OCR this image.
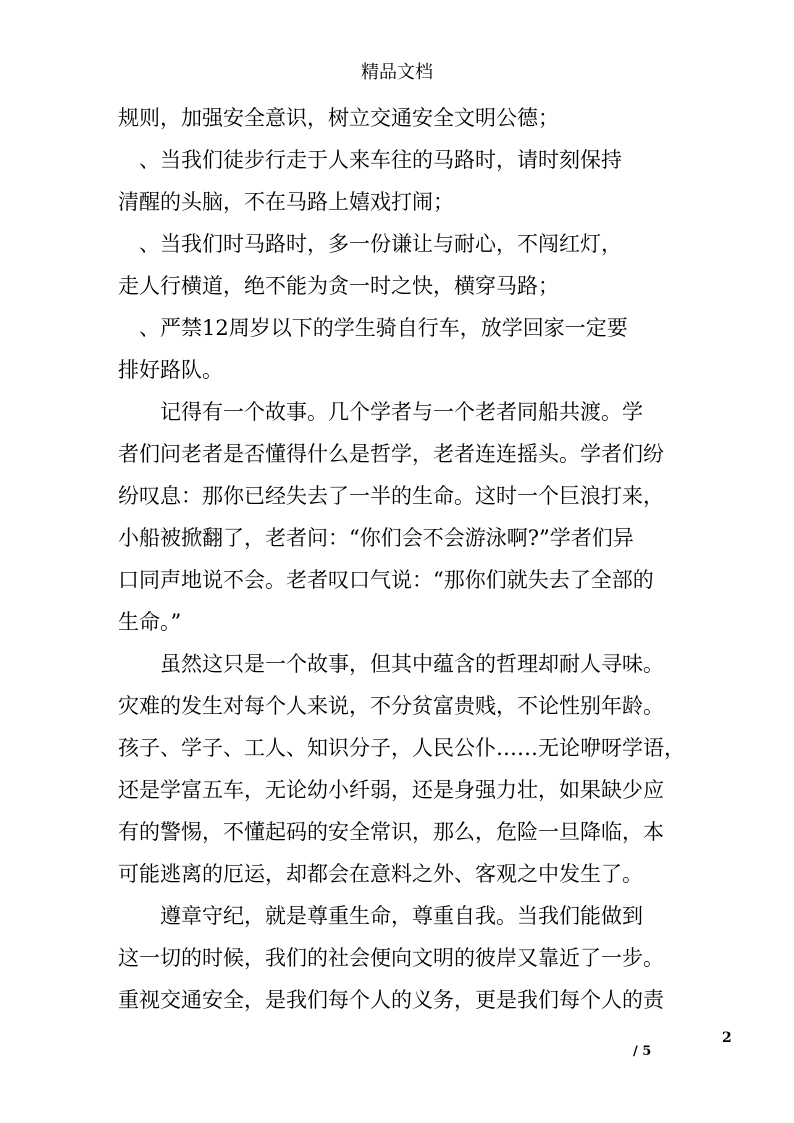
精品文档
规则，加强安全意识，树立交通安全文明公德；
　、当我们徒步行走于人来车往的马路时，请时刻保持
清醒的头脑，不在马路上嬉戏打闹；
　、当我们时马路时，多一份谦让与耐心，不闯红灯，
走人行横道，绝不能为贪一时之快，横穿马路；
　、严禁12周岁以下的学生骑自行车，放学回家一定要
排好路队。
　　记得有一个故事。几个学者与一个老者同船共渡。学
者们问老者是否懂得什么是哲学，老者连连摇头。学者们纷
纷叹息：那你已经失去了一半的生命。这时一个巨浪打来，
小船被掀翻了，老者问：“你们会不会游泳啊?”学者们异
口同声地说不会。老者叹口气说：“那你们就失去了全部的
生命。”
　　虽然这只是一个故事，但其中蕴含的哲理却耐人寻味。
灾难的发生对每个人来说，不分贫富贵贱，不论性别年龄。
孩子、学子、工人、知识分子，人民公仆……无论咿呀学语，
还是学富五车，无论幼小纤弱，还是身强力壮，如果缺少应
有的警惕，不懂起码的安全常识，那么，危险一旦降临，本
可能逃离的厄运，却都会在意料之外、客观之中发生了。
　　遵章守纪，就是尊重生命，尊重自我。当我们能做到
这一切的时候，我们的社会便向文明的彼岸又靠近了一步。
重视交通安全，是我们每个人的义务，更是我们每个人的责
2
/ 5
